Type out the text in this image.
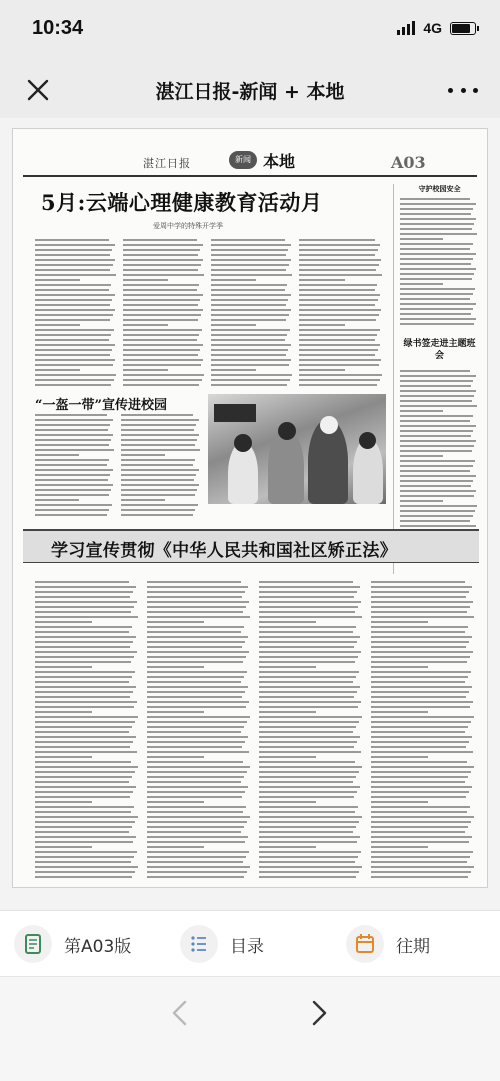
10:34	4G
湛江日报-新闻 + 本地
湛江日报	新闻 本地	A03
5月:云端心理健康教育活动月
爱周中学的特殊开学季
守护校园安全
绿书签走进主题班会
“一盔一带”宣传进校园
学习宣传贯彻《中华人民共和国社区矫正法》
第A03版	目录	往期
